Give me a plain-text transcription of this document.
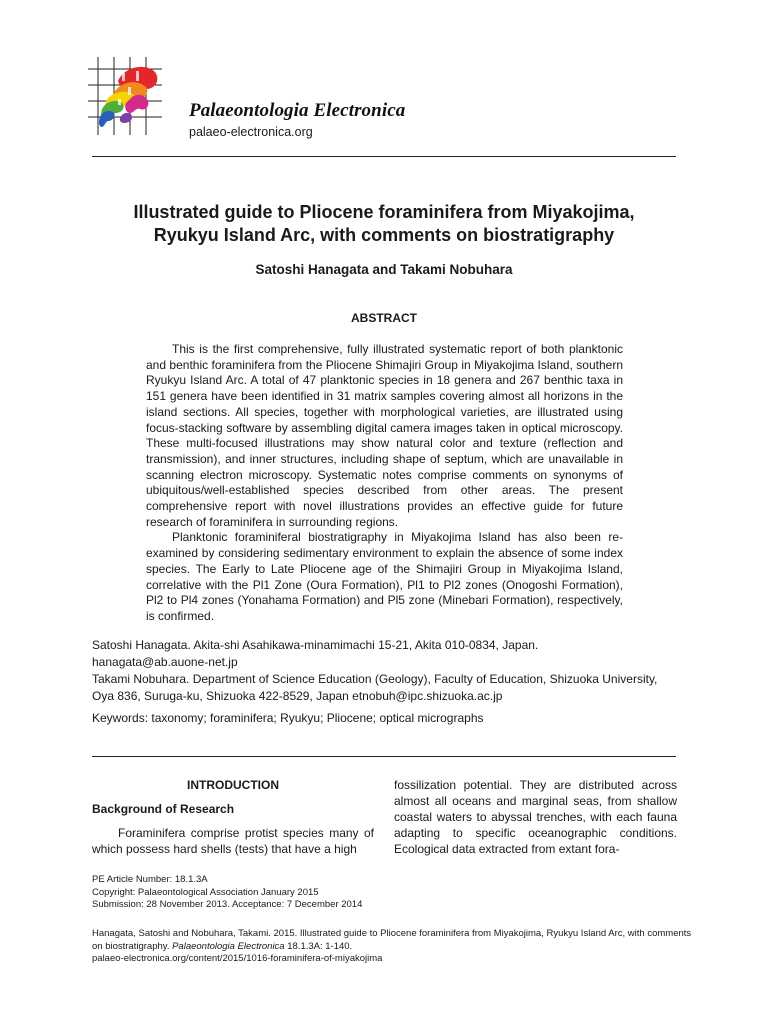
Palaeontologia Electronica
palaeo-electronica.org
Illustrated guide to Pliocene foraminifera from Miyakojima,
Ryukyu Island Arc, with comments on biostratigraphy
Satoshi Hanagata and Takami Nobuhara
ABSTRACT

This is the first comprehensive, fully illustrated systematic report of both planktonic and benthic foraminifera from the Pliocene Shimajiri Group in Miyakojima Island, southern Ryukyu Island Arc. A total of 47 planktonic species in 18 genera and 267 benthic taxa in 151 genera have been identified in 31 matrix samples covering almost all horizons in the island sections. All species, together with morphological varieties, are illustrated using focus-stacking software by assembling digital camera images taken in optical microscopy. These multi-focused illustrations may show natural color and texture (reflection and transmission), and inner structures, including shape of septum, which are unavailable in scanning electron microscopy. Systematic notes comprise comments on synonyms of ubiquitous/well-established species described from other areas. The present comprehensive report with novel illustrations provides an effective guide for future research of foraminifera in surrounding regions.

Planktonic foraminiferal biostratigraphy in Miyakojima Island has also been reexamined by considering sedimentary environment to explain the absence of some index species. The Early to Late Pliocene age of the Shimajiri Group in Miyakojima Island, correlative with the Pl1 Zone (Oura Formation), Pl1 to Pl2 zones (Onogoshi Formation), Pl2 to Pl4 zones (Yonahama Formation) and Pl5 zone (Minebari Formation), respectively, is confirmed.

Satoshi Hanagata. Akita-shi Asahikawa-minamimachi 15-21, Akita 010-0834, Japan.
hanagata@ab.auone-net.jp
Takami Nobuhara. Department of Science Education (Geology), Faculty of Education, Shizuoka University,
Oya 836, Suruga-ku, Shizuoka 422-8529, Japan etnobuh@ipc.shizuoka.ac.jp
Keywords: taxonomy; foraminifera; Ryukyu; Pliocene; optical micrographs
INTRODUCTION
Background of Research

Foraminifera comprise protist species many of which possess hard shells (tests) that have a high

fossilization potential. They are distributed across almost all oceans and marginal seas, from shallow coastal waters to abyssal trenches, with each fauna adapting to specific oceanographic conditions. Ecological data extracted from extant fora-

PE Article Number: 18.1.3A
Copyright: Palaeontological Association January 2015
Submission: 28 November 2013. Acceptance: 7 December 2014
Hanagata, Satoshi and Nobuhara, Takami. 2015. Illustrated guide to Pliocene foraminifera from Miyakojima, Ryukyu Island Arc, with comments on biostratigraphy. Palaeontologia Electronica 18.1.3A: 1-140.
palaeo-electronica.org/content/2015/1016-foraminifera-of-miyakojima
